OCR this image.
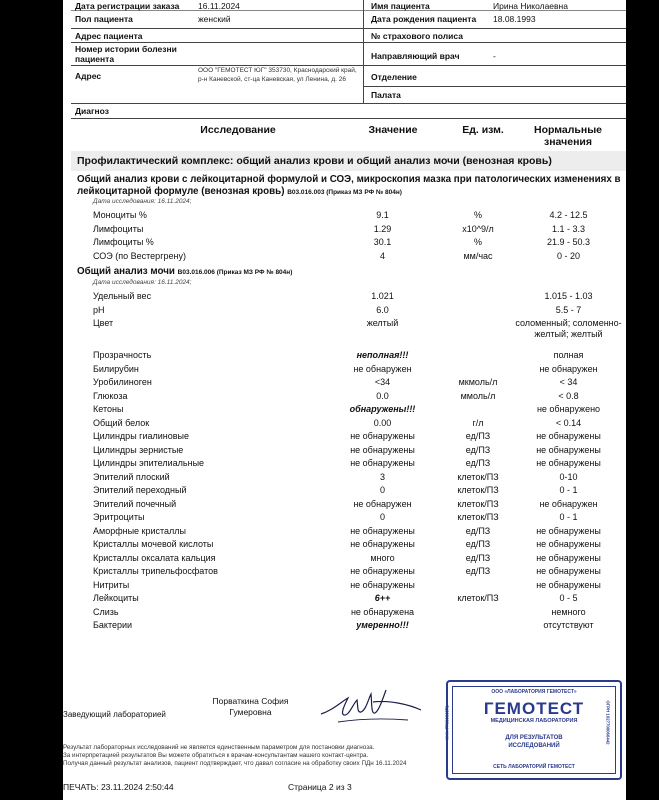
Дата регистрации заказа 16.11.2024
Пол пациента	женский
Адрес пациента
Номер истории болезни пациента
Адрес
ООО "ГЕМОТЕСТ ЮГ" 353730, Краснодарский край, р-н Каневской, ст-ца Каневская, ул Ленина, д. 26
Имя пациента	Ирина Николаевна
Дата рождения пациента 18.08.1993
№ страхового полиса
Направляющий врач	-
Отделение
Палата
Диагноз
Исследование	Значение	Ед. изм.	Нормальные значения
Профилактический комплекс: общий анализ крови и общий анализ мочи (венозная кровь)
Общий анализ крови с лейкоцитарной формулой и СОЭ, микроскопия мазка при патологических изменениях в лейкоцитарной формуле (венозная кровь) B03.016.003 (Приказ МЗ РФ № 804н)
Дата исследования: 16.11.2024;
Моноциты %	9.1	%	4.2 - 12.5
Лимфоциты	1.29	x10^9/л	1.1 - 3.3
Лимфоциты %	30.1	%	21.9 - 50.3
СОЭ (по Вестергрену)	4	мм/час	0 - 20
Общий анализ мочи B03.016.006 (Приказ МЗ РФ № 804н)
Дата исследования: 16.11.2024;
Удельный вес	1.021	1.015 - 1.03
pH	6.0	5.5 - 7
Цвет	желтый	соломенный; соломенно-желтый; желтый
Прозрачность	неполная!!!	полная
Билирубин	не обнаружен	не обнаружен
Уробилиноген	<34	мкмоль/л	< 34
Глюкоза	0.0	ммоль/л	< 0.8
Кетоны	обнаружены!!!	не обнаружено
Общий белок	0.00	г/л	< 0.14
Цилиндры гиалиновые	не обнаружены	ед/ПЗ	не обнаружены
Цилиндры зернистые	не обнаружены	ед/ПЗ	не обнаружены
Цилиндры эпителиальные	не обнаружены	ед/ПЗ	не обнаружены
Эпителий плоский	3	клеток/ПЗ	0-10
Эпителий переходный	0	клеток/ПЗ	0 - 1
Эпителий почечный	не обнаружен	клеток/ПЗ	не обнаружен
Эритроциты	0	клеток/ПЗ	0 - 1
Аморфные кристаллы	не обнаружены	ед/ПЗ	не обнаружены
Кристаллы мочевой кислоты	не обнаружены	ед/ПЗ	не обнаружены
Кристаллы оксалата кальция	много	ед/ПЗ	не обнаружены
Кристаллы трипельфосфатов	не обнаружены	ед/ПЗ	не обнаружены
Нитриты	не обнаружены	не обнаружены
Лейкоциты	6++	клеток/ПЗ	0 - 5
Слизь	не обнаружена	немного
Бактерии	умеренно!!!	отсутствуют
Заведующий лабораторией
Порваткина София Гумеровна
ООО «ЛАБОРАТОРИЯ ГЕМОТЕСТ»
ГЕМОТЕСТ
МЕДИЦИНСКАЯ ЛАБОРАТОРИЯ
ДЛЯ РЕЗУЛЬТАТОВ
ИССЛЕДОВАНИЙ
СЕТЬ ЛАБОРАТОРИЙ ГЕМОТЕСТ
ИНН 7709938571	ОГРН 1027700066442
Результат лабораторных исследований не является единственным параметром для постановки диагноза.
За интерпретацией результатов Вы можете обратиться к врачам-консультантам нашего контакт-центра.
Получая данный результат анализов, пациент подтверждает, что давал согласие на обработку своих ПДн 16.11.2024
ПЕЧАТЬ: 23.11.2024 2:50:44	Страница 2 из 3
